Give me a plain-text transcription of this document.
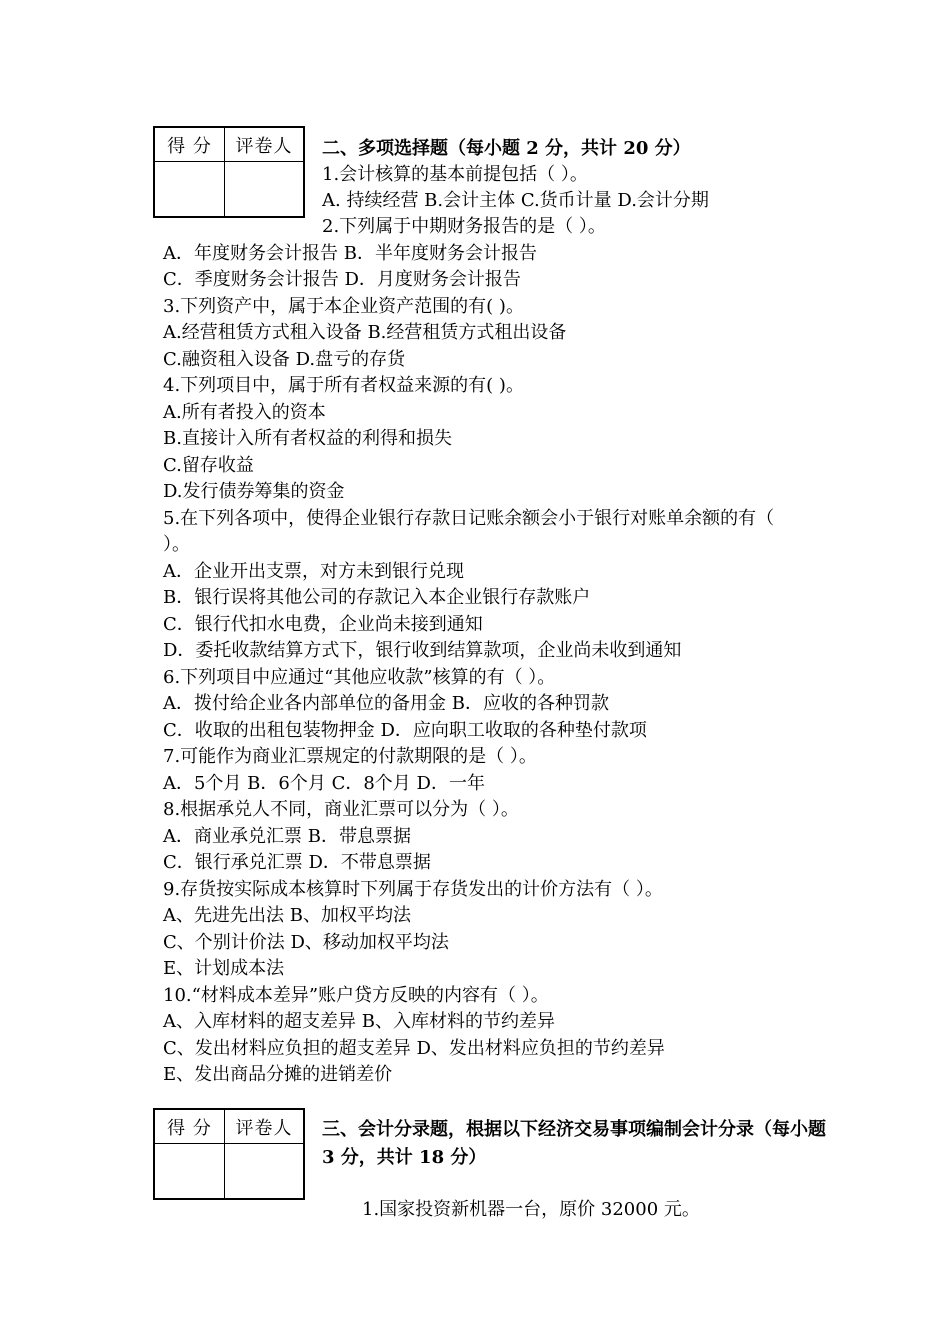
得 分	评卷人	二、多项选择题（每小题 2 分，共计 20 分）
1.会计核算的基本前提包括（ ）。
A. 持续经营 B.会计主体 C.货币计量 D.会计分期
2.下列属于中期财务报告的是（ ）。
A．年度财务会计报告 B．半年度财务会计报告
C．季度财务会计报告 D．月度财务会计报告
3.下列资产中，属于本企业资产范围的有( )。
A.经营租赁方式租入设备 B.经营租赁方式租出设备
C.融资租入设备 D.盘亏的存货
4.下列项目中，属于所有者权益来源的有( )。
A.所有者投入的资本
B.直接计入所有者权益的利得和损失
C.留存收益
D.发行债券筹集的资金
5.在下列各项中，使得企业银行存款日记账余额会小于银行对账单余额的有（
）。
A．企业开出支票，对方未到银行兑现
B．银行误将其他公司的存款记入本企业银行存款账户
C．银行代扣水电费，企业尚未接到通知
D．委托收款结算方式下，银行收到结算款项，企业尚未收到通知
6.下列项目中应通过“其他应收款”核算的有（ ）。
A．拨付给企业各内部单位的备用金 B．应收的各种罚款
C．收取的出租包装物押金 D．应向职工收取的各种垫付款项
7.可能作为商业汇票规定的付款期限的是（ ）。
A．5个月 B．6个月 C．8个月 D．一年
8.根据承兑人不同，商业汇票可以分为（ ）。
A．商业承兑汇票 B．带息票据
C．银行承兑汇票 D．不带息票据
9.存货按实际成本核算时下列属于存货发出的计价方法有（ ）。
A、先进先出法 B、加权平均法
C、个别计价法 D、移动加权平均法
E、计划成本法
10.“材料成本差异”账户贷方反映的内容有（ ）。
A、入库材料的超支差异 B、入库材料的节约差异
C、发出材料应负担的超支差异 D、发出材料应负担的节约差异
E、发出商品分摊的进销差价
得 分	评卷人	三、会计分录题，根据以下经济交易事项编制会计分录（每小题
3 分，共计 18 分）
1.国家投资新机器一台，原价 32000 元。
